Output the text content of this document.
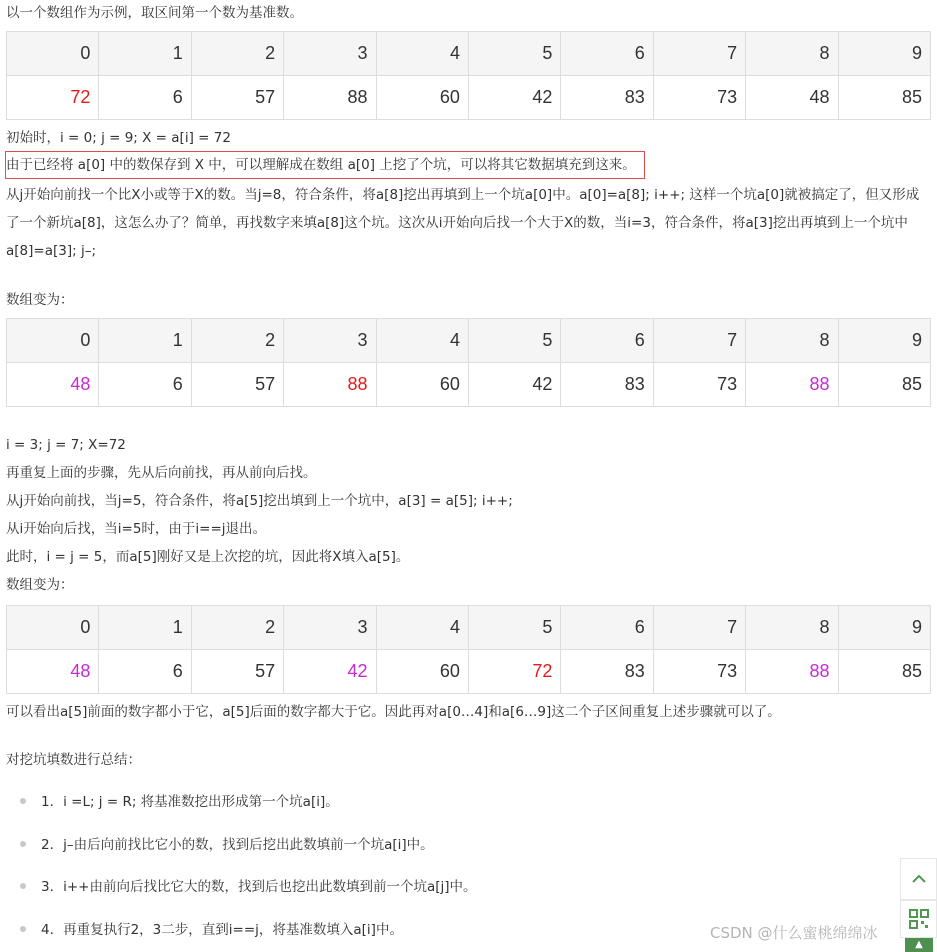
以一个数组作为示例，取区间第一个数为基准数。
0	1	2	3	4	5	6	7	8	9
72	6	57	88	60	42	83	73	48	85
初始时，i = 0; j = 9; X = a[i] = 72
由于已经将 a[0] 中的数保存到 X 中，可以理解成在数组 a[0] 上挖了个坑，可以将其它数据填充到这来。
从j开始向前找一个比X小或等于X的数。当j=8，符合条件，将a[8]挖出再填到上一个坑a[0]中。a[0]=a[8]; i++; 这样一个坑a[0]就被搞定了，但又形成了一个新坑a[8]，这怎么办了？简单，再找数字来填a[8]这个坑。这次从i开始向后找一个大于X的数，当i=3，符合条件，将a[3]挖出再填到上一个坑中a[8]=a[3]; j–;
数组变为：
0	1	2	3	4	5	6	7	8	9
48	6	57	88	60	42	83	73	88	85
i = 3; j = 7; X=72
再重复上面的步骤，先从后向前找，再从前向后找。
从j开始向前找，当j=5，符合条件，将a[5]挖出填到上一个坑中，a[3] = a[5]; i++;
从i开始向后找，当i=5时，由于i==j退出。
此时，i = j = 5，而a[5]刚好又是上次挖的坑，因此将X填入a[5]。
数组变为：
0	1	2	3	4	5	6	7	8	9
48	6	57	42	60	72	83	73	88	85
可以看出a[5]前面的数字都小于它，a[5]后面的数字都大于它。因此再对a[0…4]和a[6…9]这二个子区间重复上述步骤就可以了。
对挖坑填数进行总结：
1．i =L; j = R; 将基准数挖出形成第一个坑a[i]。
2．j–由后向前找比它小的数，找到后挖出此数填前一个坑a[i]中。
3．i++由前向后找比它大的数，找到后也挖出此数填到前一个坑a[j]中。
4．再重复执行2，3二步，直到i==j，将基准数填入a[i]中。	CSDN @什么蜜桃绵绵冰
▲
